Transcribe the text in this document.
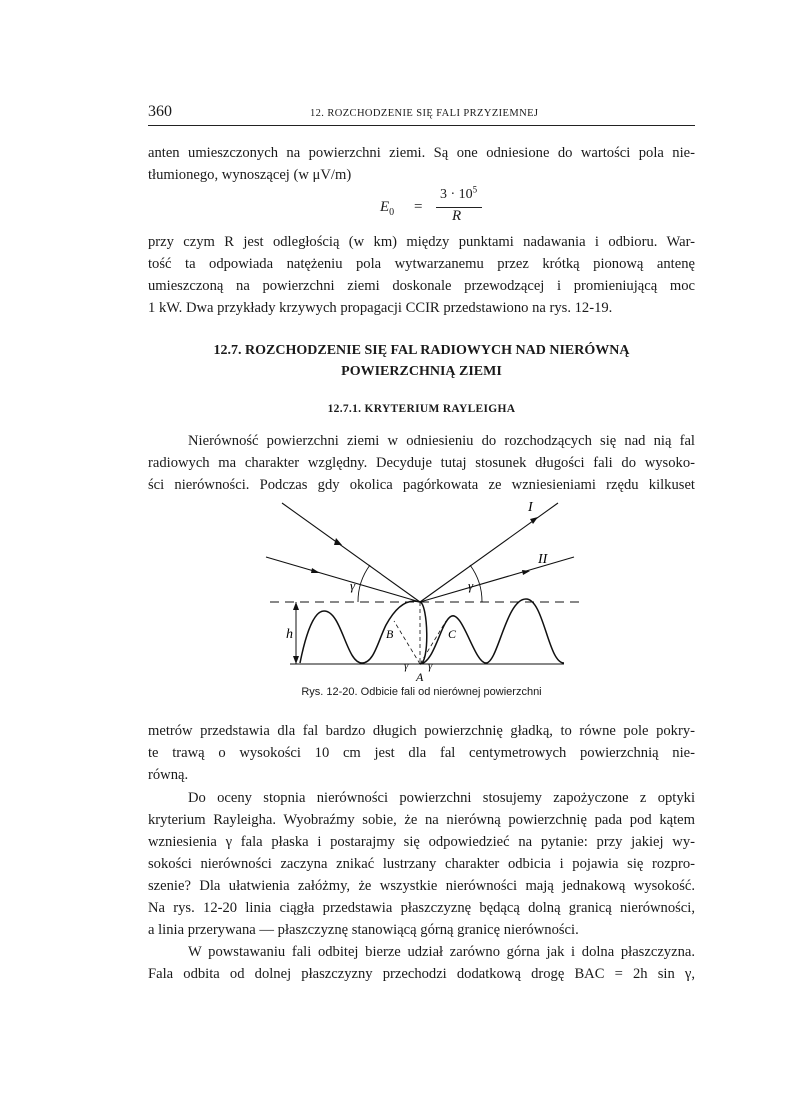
360	12. ROZCHODZENIE SIĘ FALI PRZYZIEMNEJ

anten umieszczonych na powierzchni ziemi. Są one odniesione do wartości pola nie-
tłumionego, wynoszącej (w μV/m)

$E_0$ =
$3 \cdot 10^5$
R

przy czym R jest odległością (w km) między punktami nadawania i odbioru. War-
tość ta odpowiada natężeniu pola wytwarzanemu przez krótką pionową antenę
umieszczoną na powierzchni ziemi doskonale przewodzącej i promieniującą moc
1 kW. Dwa przykłady krzywych propagacji CCIR przedstawiono na rys. 12-19.

12.7. ROZCHODZENIE SIĘ FAL RADIOWYCH NAD NIERÓWNĄ
POWIERZCHNIĄ ZIEMI
12.7.1. KRYTERIUM RAYLEIGHA

Nierówność powierzchni ziemi w odniesieniu do rozchodzących się nad nią fal
radiowych ma charakter względny. Decyduje tutaj stosunek długości fali do wysoko-
ści nierówności. Podczas gdy okolica pagórkowata ze wzniesieniami rzędu kilkuset

h
I
II
A
B	C
γ	γ
γ γ
Rys. 12-20. Odbicie fali od nierównej powierzchni

metrów przedstawia dla fal bardzo długich powierzchnię gładką, to równe pole pokry-
te trawą o wysokości 10 cm jest dla fal centymetrowych powierzchnią nie-
równą.

Do oceny stopnia nierówności powierzchni stosujemy zapożyczone z optyki
kryterium Rayleigha. Wyobraźmy sobie, że na nierówną powierzchnię pada pod kątem
wzniesienia γ fala płaska i postarajmy się odpowiedzieć na pytanie: przy jakiej wy-
sokości nierówności zaczyna znikać lustrzany charakter odbicia i pojawia się rozpro-
szenie? Dla ułatwienia załóżmy, że wszystkie nierówności mają jednakową wysokość.
Na rys. 12-20 linia ciągła przedstawia płaszczyznę będącą dolną granicą nierówności,
a linia przerywana — płaszczyznę stanowiącą górną granicę nierówności.

W powstawaniu fali odbitej bierze udział zarówno górna jak i dolna płaszczyzna.
Fala odbita od dolnej płaszczyzny przechodzi dodatkową drogę BAC = 2h sin γ,
